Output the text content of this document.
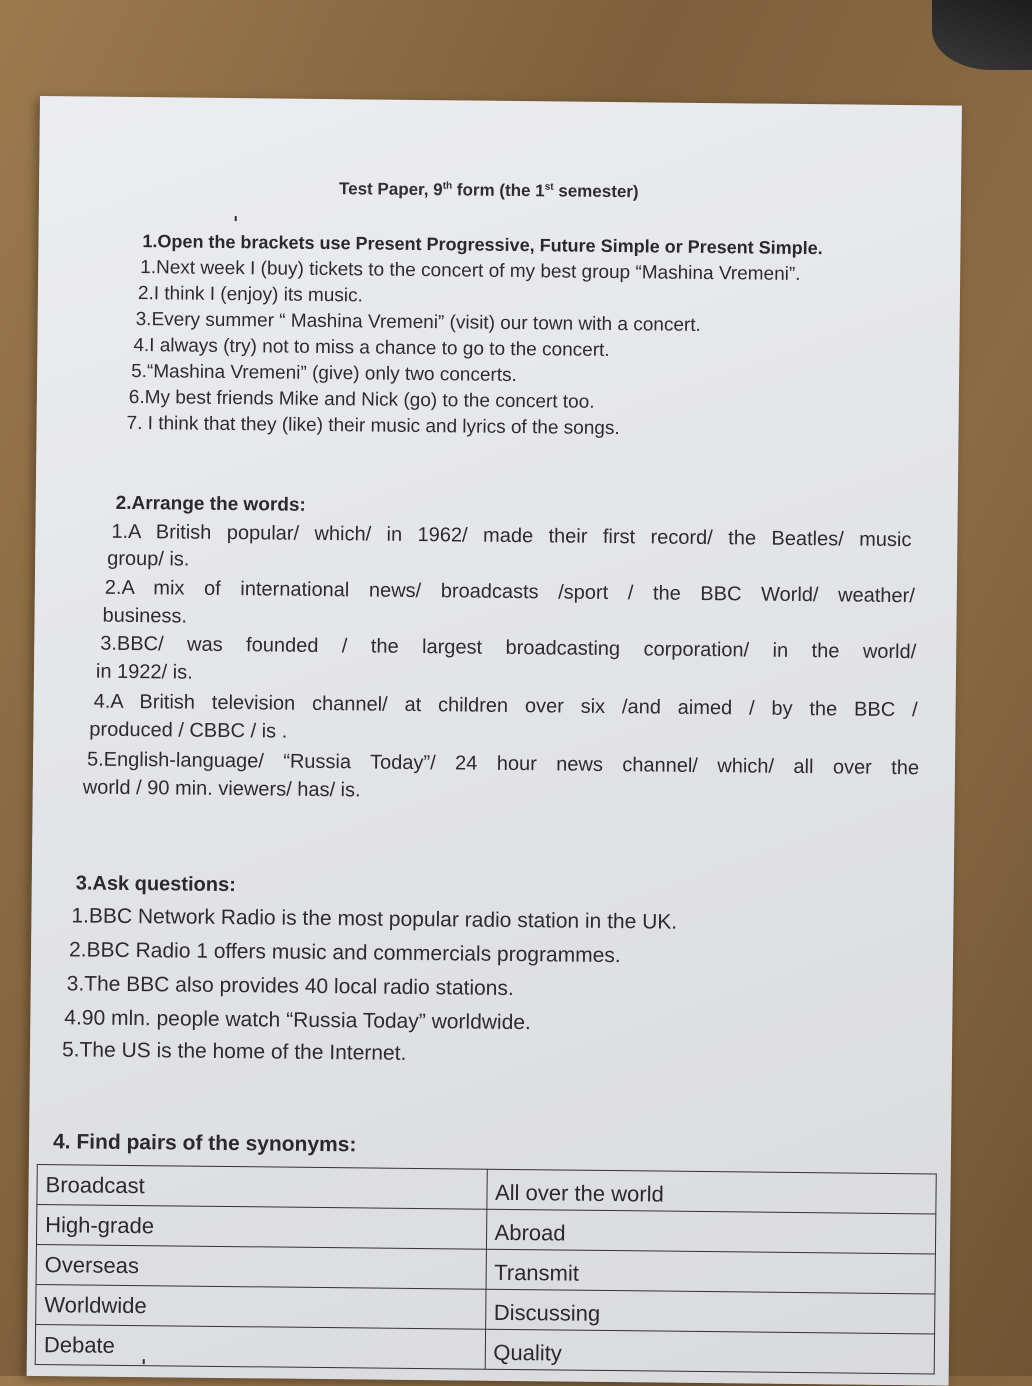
Test Paper, 9th form (the 1st semester)
1.Open the brackets use Present Progressive, Future Simple or Present Simple.
1.Next week I (buy) tickets to the concert of my best group “Mashina Vremeni”.
2.I think I (enjoy) its music.
3.Every summer “ Mashina Vremeni” (visit) our town with a concert.
4.I always (try) not to miss a chance to go to the concert.
5.“Mashina Vremeni” (give) only two concerts.
6.My best friends Mike and Nick (go) to the concert too.
7. I think that they (like) their music and lyrics of the songs.
2.Arrange the words:
1.A British popular/ which/ in 1962/ made their first record/ the Beatles/ music
group/ is.
2.A mix of international news/ broadcasts /sport / the BBC World/ weather/
business.
3.BBC/ was founded / the largest broadcasting corporation/ in the world/
in 1922/ is.
4.A British television channel/ at children over six /and aimed / by the BBC /
produced / CBBC / is .
5.English-language/ “Russia Today”/ 24 hour news channel/ which/ all over the
world / 90 min. viewers/ has/ is.
3.Ask questions:
1.BBC Network Radio is the most popular radio station in the UK.
2.BBC Radio 1 offers music and commercials programmes.
3.The BBC also provides 40 local radio stations.
4.90 mln. people watch “Russia Today” worldwide.
5.The US is the home of the Internet.
4. Find pairs of the synonyms:
Broadcast	All over the world
High-grade	Abroad
Overseas	Transmit
Worldwide	Discussing
Debate	Quality
